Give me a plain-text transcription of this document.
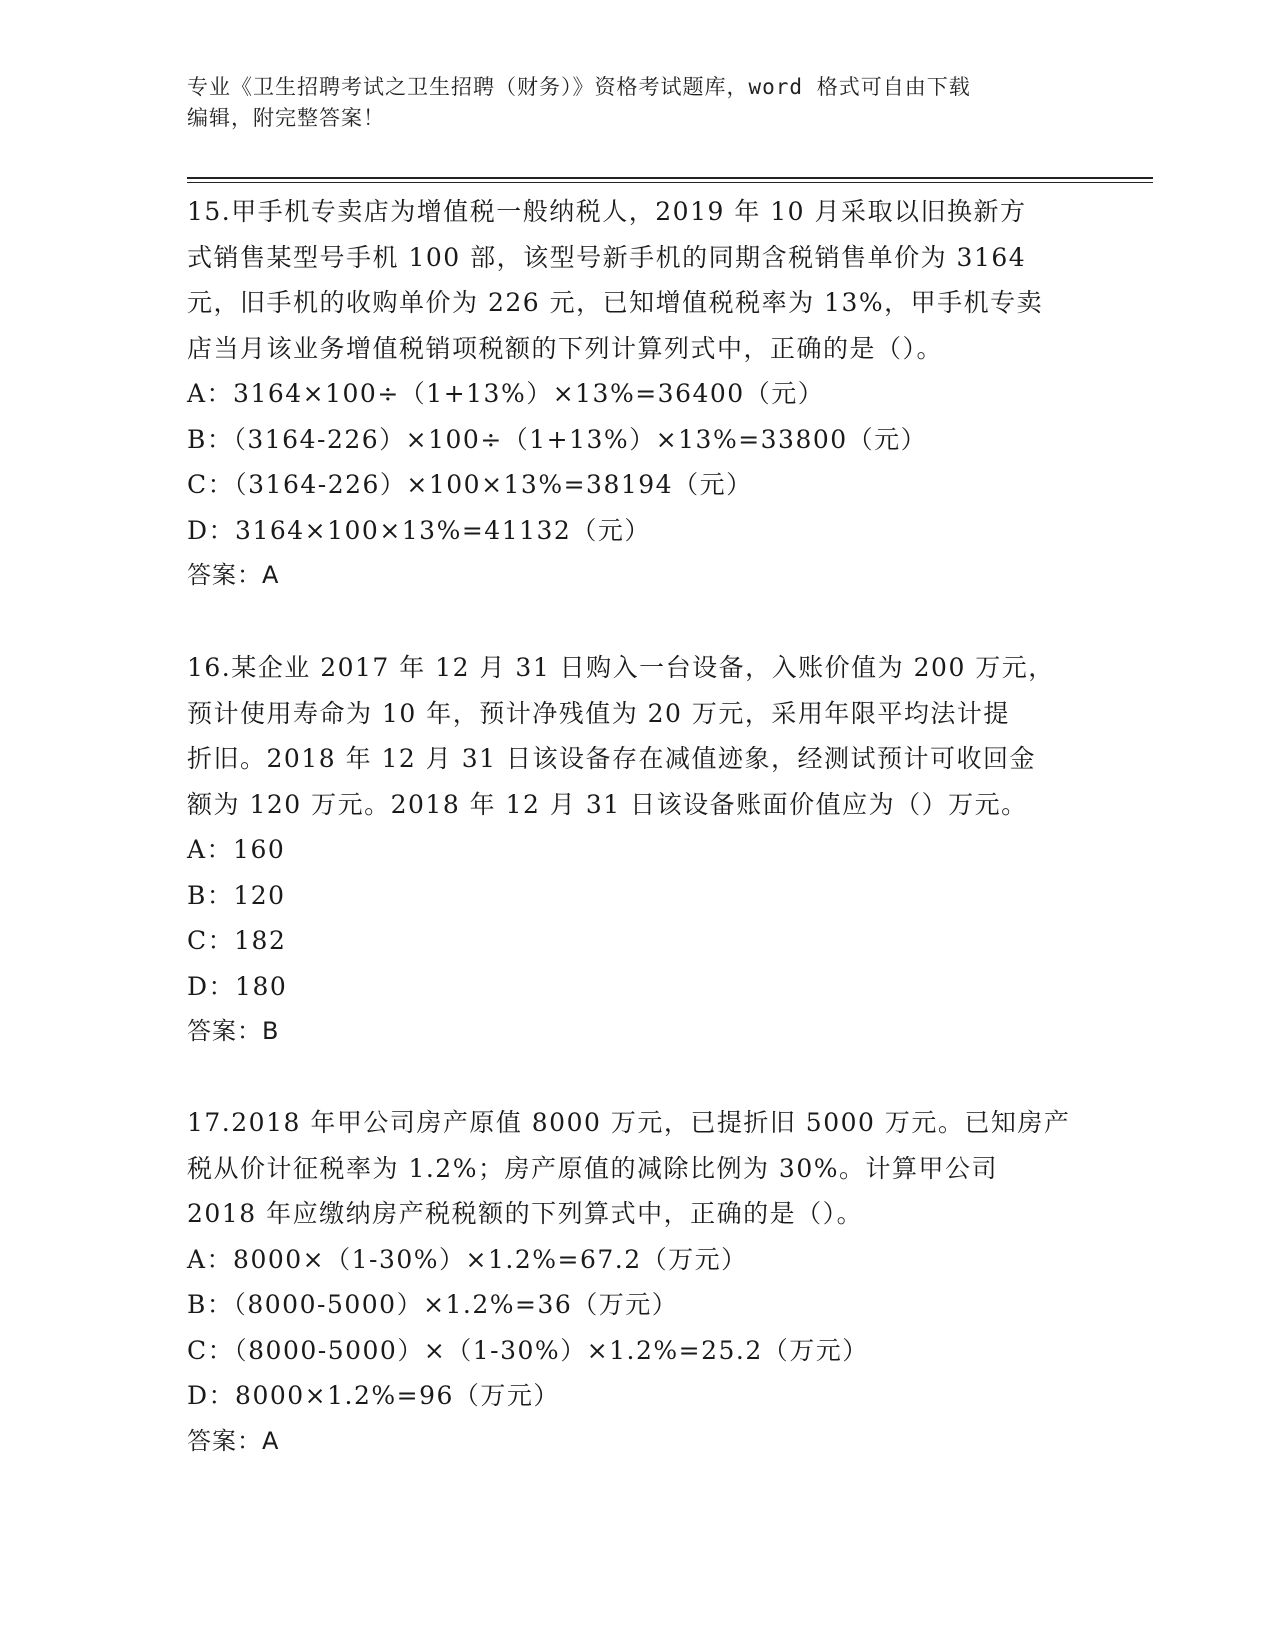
专业《卫生招聘考试之卫生招聘（财务）》资格考试题库，word 格式可自由下载
编辑，附完整答案！
15.甲手机专卖店为增值税一般纳税人，2019 年 10 月采取以旧换新方
式销售某型号手机 100 部，该型号新手机的同期含税销售单价为 3164
元，旧手机的收购单价为 226 元，已知增值税税率为 13%，甲手机专卖
店当月该业务增值税销项税额的下列计算列式中，正确的是（）。
A：3164×100÷（1+13%）×13%=36400（元）
B：（3164-226）×100÷（1+13%）×13%=33800（元）
C：（3164-226）×100×13%=38194（元）
D：3164×100×13%=41132（元）
答案：A
16.某企业 2017 年 12 月 31 日购入一台设备，入账价值为 200 万元，
预计使用寿命为 10 年，预计净残值为 20 万元，采用年限平均法计提
折旧。2018 年 12 月 31 日该设备存在减值迹象，经测试预计可收回金
额为 120 万元。2018 年 12 月 31 日该设备账面价值应为（）万元。
A：160
B：120
C：182
D：180
答案：B
17.2018 年甲公司房产原值 8000 万元，已提折旧 5000 万元。已知房产
税从价计征税率为 1.2%；房产原值的减除比例为 30%。计算甲公司
2018 年应缴纳房产税税额的下列算式中，正确的是（）。
A：8000×（1-30%）×1.2%=67.2（万元）
B：（8000-5000）×1.2%=36（万元）
C：（8000-5000）×（1-30%）×1.2%=25.2（万元）
D：8000×1.2%=96（万元）
答案：A
